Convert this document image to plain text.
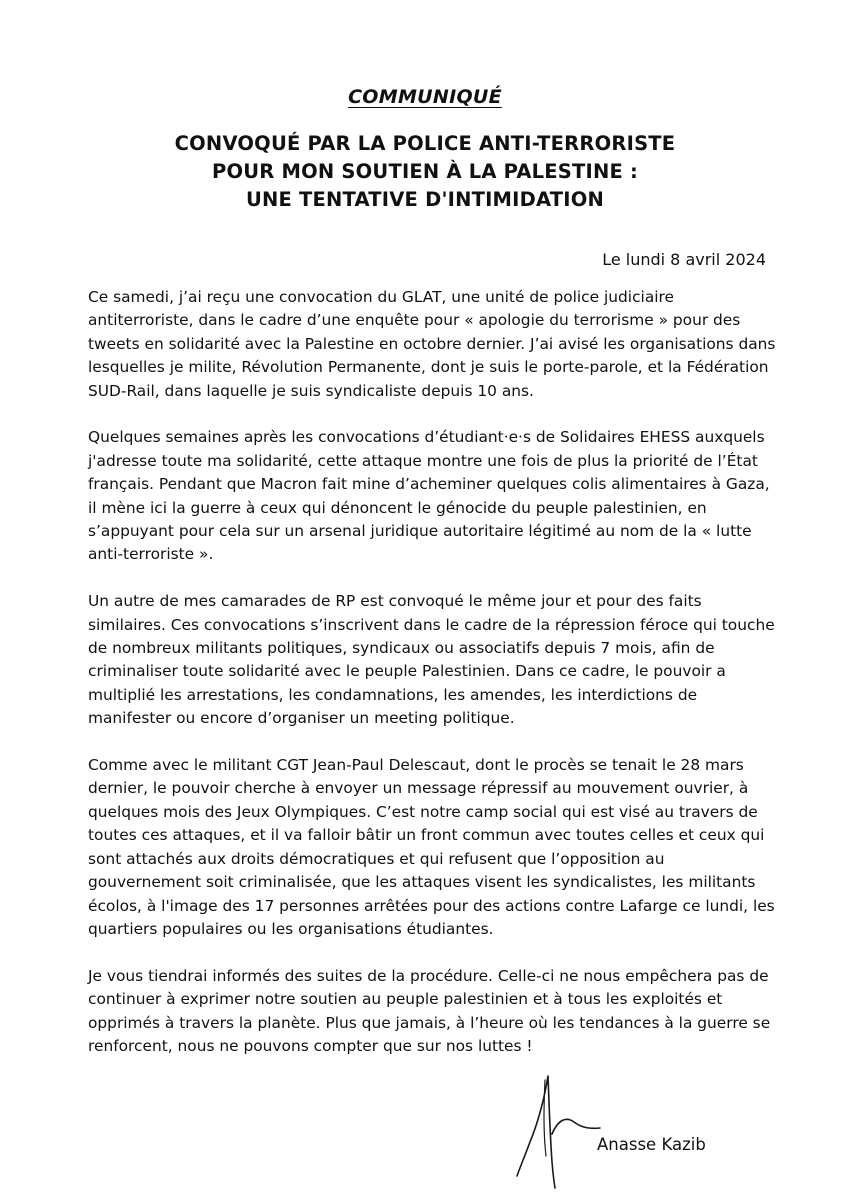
COMMUNIQUÉ
CONVOQUÉ PAR LA POLICE ANTI-TERRORISTE
POUR MON SOUTIEN À LA PALESTINE :
UNE TENTATIVE D'INTIMIDATION
Le lundi 8 avril 2024

Ce samedi, j’ai reçu une convocation du GLAT, une unité de police judiciaire antiterroriste, dans le cadre d’une enquête pour « apologie du terrorisme » pour des tweets en solidarité avec la Palestine en octobre dernier. J’ai avisé les organisations dans lesquelles je milite, Révolution Permanente, dont je suis le porte-parole, et la Fédération SUD-Rail, dans laquelle je suis syndicaliste depuis 10 ans.

Quelques semaines après les convocations d’étudiant·e·s de Solidaires EHESS auxquels j'adresse toute ma solidarité, cette attaque montre une fois de plus la priorité de l’État français. Pendant que Macron fait mine d’acheminer quelques colis alimentaires à Gaza, il mène ici la guerre à ceux qui dénoncent le génocide du peuple palestinien, en s’appuyant pour cela sur un arsenal juridique autoritaire légitimé au nom de la « lutte anti-terroriste ».

Un autre de mes camarades de RP est convoqué le même jour et pour des faits similaires. Ces convocations s’inscrivent dans le cadre de la répression féroce qui touche de nombreux militants politiques, syndicaux ou associatifs depuis 7 mois, afin de criminaliser toute solidarité avec le peuple Palestinien. Dans ce cadre, le pouvoir a multiplié les arrestations, les condamnations, les amendes, les interdictions de manifester ou encore d’organiser un meeting politique.

Comme avec le militant CGT Jean-Paul Delescaut, dont le procès se tenait le 28 mars dernier, le pouvoir cherche à envoyer un message répressif au mouvement ouvrier, à quelques mois des Jeux Olympiques. C’est notre camp social qui est visé au travers de toutes ces attaques, et il va falloir bâtir un front commun avec toutes celles et ceux qui sont attachés aux droits démocratiques et qui refusent que l’opposition au gouvernement soit criminalisée, que les attaques visent les syndicalistes, les militants écolos, à l'image des 17 personnes arrêtées pour des actions contre Lafarge ce lundi, les quartiers populaires ou les organisations étudiantes.

Je vous tiendrai informés des suites de la procédure. Celle-ci ne nous empêchera pas de continuer à exprimer notre soutien au peuple palestinien et à tous les exploités et opprimés à travers la planète. Plus que jamais, à l’heure où les tendances à la guerre se renforcent, nous ne pouvons compter que sur nos luttes !

Anasse Kazib
